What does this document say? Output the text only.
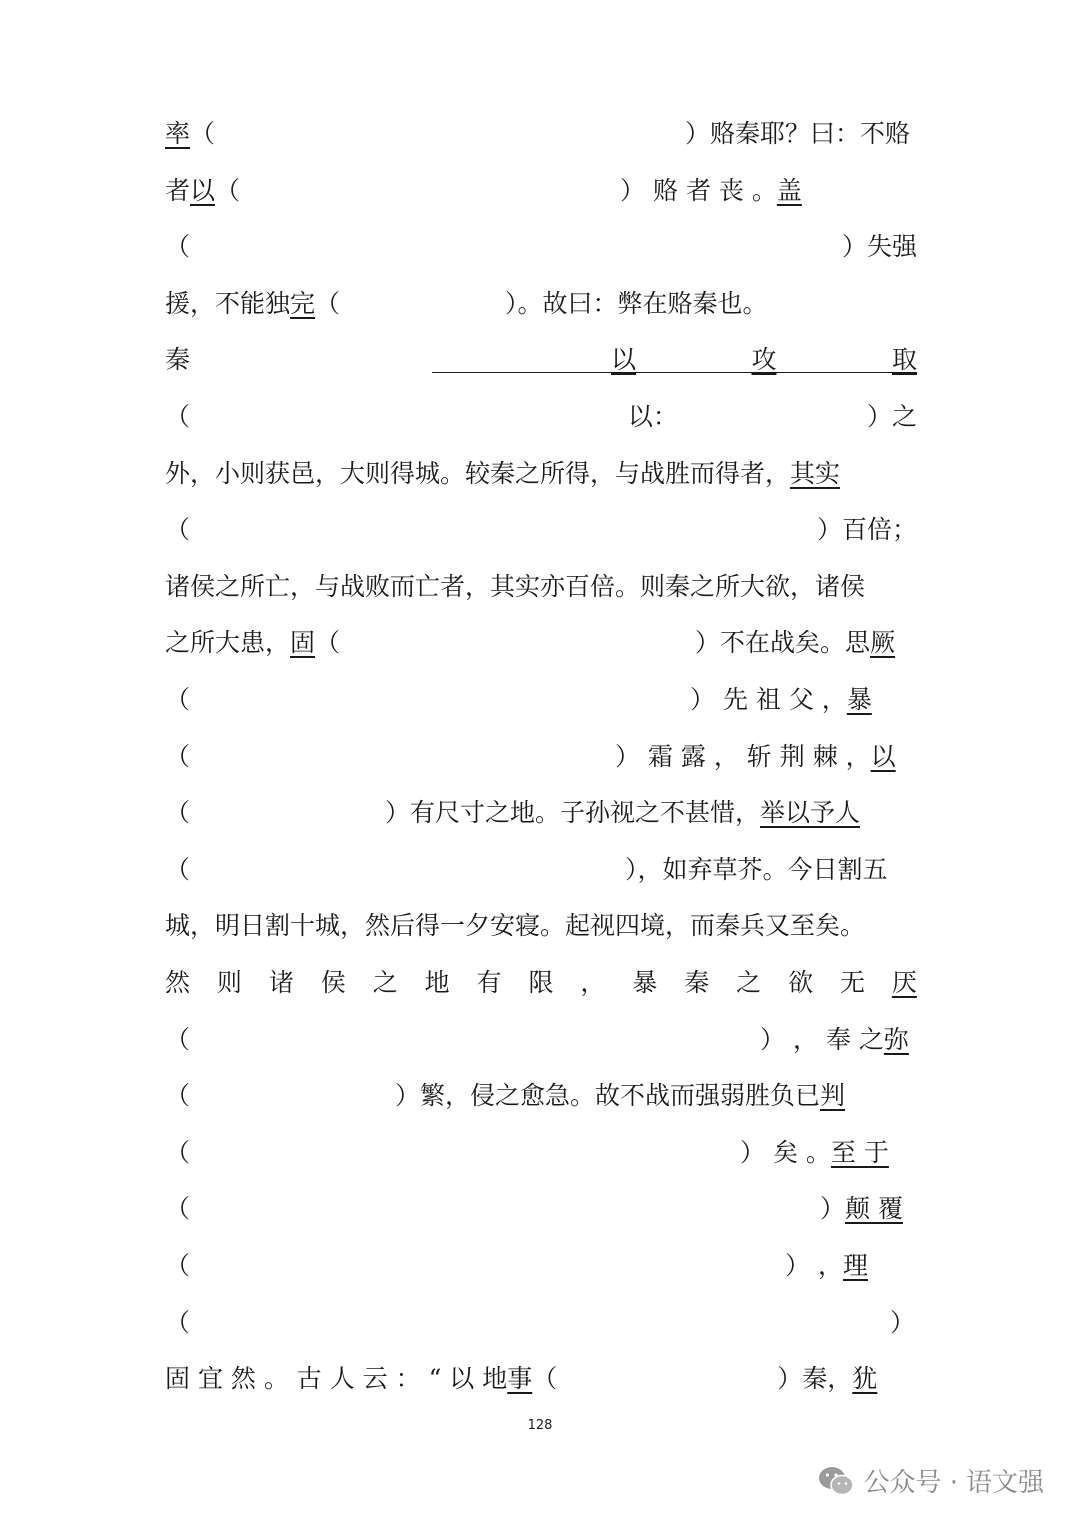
率 （	）赂秦耶？曰：不赂
者 以 （	） 赂 者 丧 。 盖
（	）失强
援，不能独 完 （	）。故曰：弊在赂秦也。
秦	以	攻	取
（	以：	）之
外，小则获邑，大则得城。较秦之所得，与战胜而得者， 其实
（	）百倍；
诸侯之所亡，与战败而亡者，其实亦百倍。则秦之所大欲，诸侯
之所大患， 固 （	）不在战矣。思 厥
（	） 先 祖 父 ， 暴
（	） 霜 露 ， 斩 荆 棘 ， 以
（	）有尺寸之地。子孙视之不甚惜， 举以予人
（	），如弃草芥。今日割五
城，明日割十城，然后得一夕安寝。起视四境，而秦兵又至矣。
然 则 诸 侯 之 地 有 限 ， 暴 秦 之 欲 无 厌
（	） ， 奉 之 弥
（	）繁，侵之愈急。故不战而强弱胜负已 判
（	） 矣 。 至 于
（	） 颠 覆
（	） ， 理
（	）
固 宜 然 。 古 人 云 ： “ 以 地 事 （	）秦， 犹
128
公众号 · 语文强
